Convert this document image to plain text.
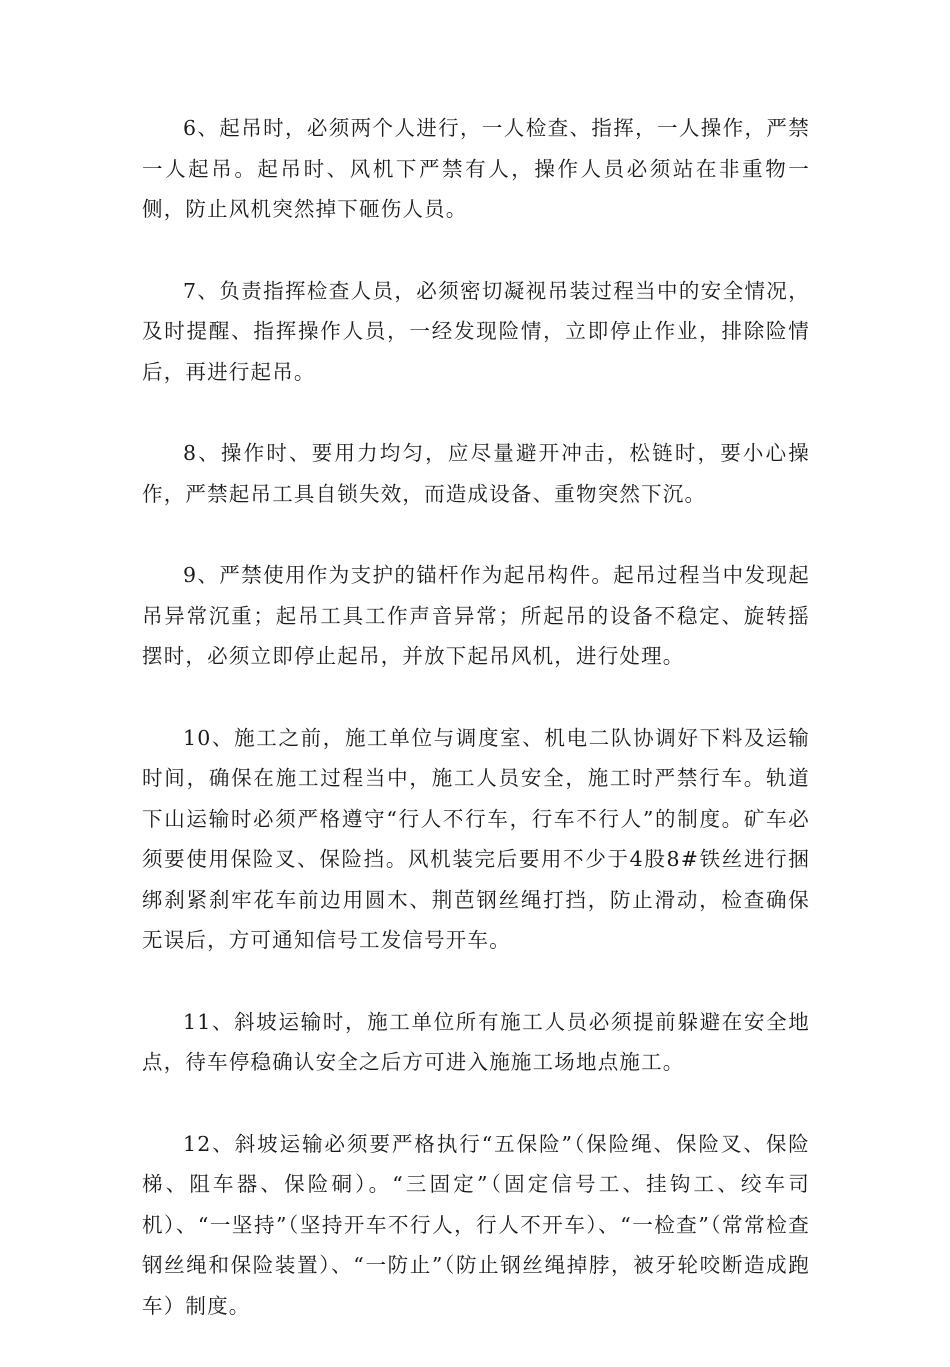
6、起吊时，必须两个人进行，一人检查、指挥，一人操作，严禁一人起吊。起吊时、风机下严禁有人，操作人员必须站在非重物一侧，防止风机突然掉下砸伤人员。

7、负责指挥检查人员，必须密切凝视吊装过程当中的安全情况，及时提醒、指挥操作人员，一经发现险情，立即停止作业，排除险情后，再进行起吊。

8、操作时、要用力均匀，应尽量避开冲击，松链时，要小心操作，严禁起吊工具自锁失效，而造成设备、重物突然下沉。

9、严禁使用作为支护的锚杆作为起吊构件。起吊过程当中发现起吊异常沉重；起吊工具工作声音异常；所起吊的设备不稳定、旋转摇摆时，必须立即停止起吊，并放下起吊风机，进行处理。

10、施工之前，施工单位与调度室、机电二队协调好下料及运输时间，确保在施工过程当中，施工人员安全，施工时严禁行车。轨道下山运输时必须严格遵守“行人不行车，行车不行人”的制度。矿车必须要使用保险叉、保险挡。风机装完后要用不少于4股8#铁丝进行捆绑刹紧刹牢花车前边用圆木、荆芭钢丝绳打挡，防止滑动，检查确保无误后，方可通知信号工发信号开车。

11、斜坡运输时，施工单位所有施工人员必须提前躲避在安全地点，待车停稳确认安全之后方可进入施施工场地点施工。

12、斜坡运输必须要严格执行“五保险”（保险绳、保险叉、保险梯、阻车器、保险硐）。“三固定”（固定信号工、挂钩工、绞车司机）、“一坚持”（坚持开车不行人，行人不开车）、“一检查”（常常检查钢丝绳和保险装置）、“一防止”（防止钢丝绳掉脖，被牙轮咬断造成跑车）制度。
